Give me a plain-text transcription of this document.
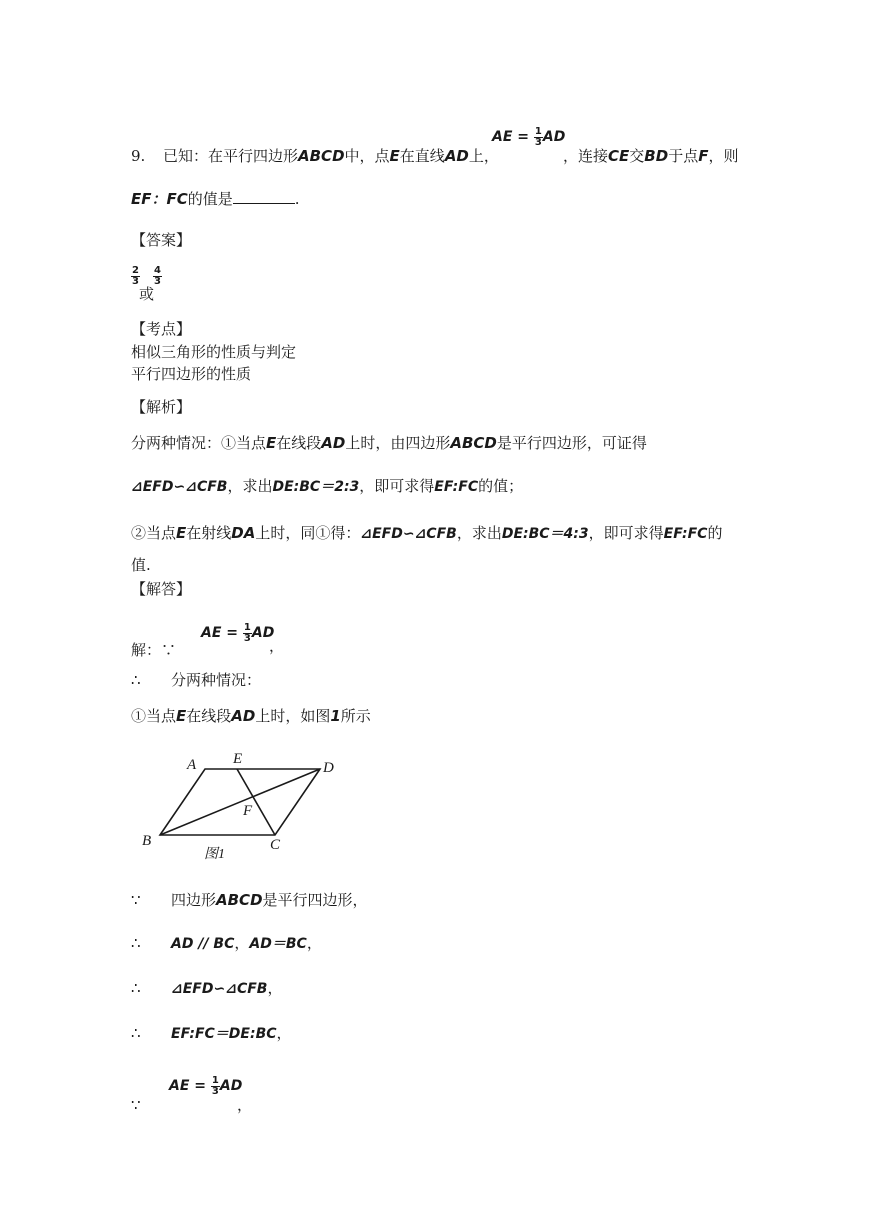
9. 已知：在平行四边形ABCD中，点E在直线AD上，
AE = $\frac{1}{3}$ AD
，连接CE交BD于点F，则
EF：FC的值是	.
【答案】
$\frac{2}{3}$
或
$\frac{4}{3}$
【考点】
相似三角形的性质与判定
平行四边形的性质
【解析】
分两种情况：①当点E在线段AD上时，由四边形ABCD是平行四边形，可证得
⊿EFD∽⊿CFB，求出DE:BC＝2:3，即可求得EF:FC的值；
②当点E在射线DA上时，同①得：⊿EFD∽⊿CFB，求出DE:BC＝4:3，即可求得EF:FC的
值.
【解答】
解：∵
AE = $\frac{1}{3}$ AD
，
∴ 分两种情况：
①当点E在线段AD上时，如图1所示
A E
D
F
B	C
图1
∵ 四边形ABCD是平行四边形，
∴ AD // BC，AD＝BC，
∴ ⊿EFD∽⊿CFB，
∴ EF:FC＝DE:BC，
∵
AE = $\frac{1}{3}$ AD
，
